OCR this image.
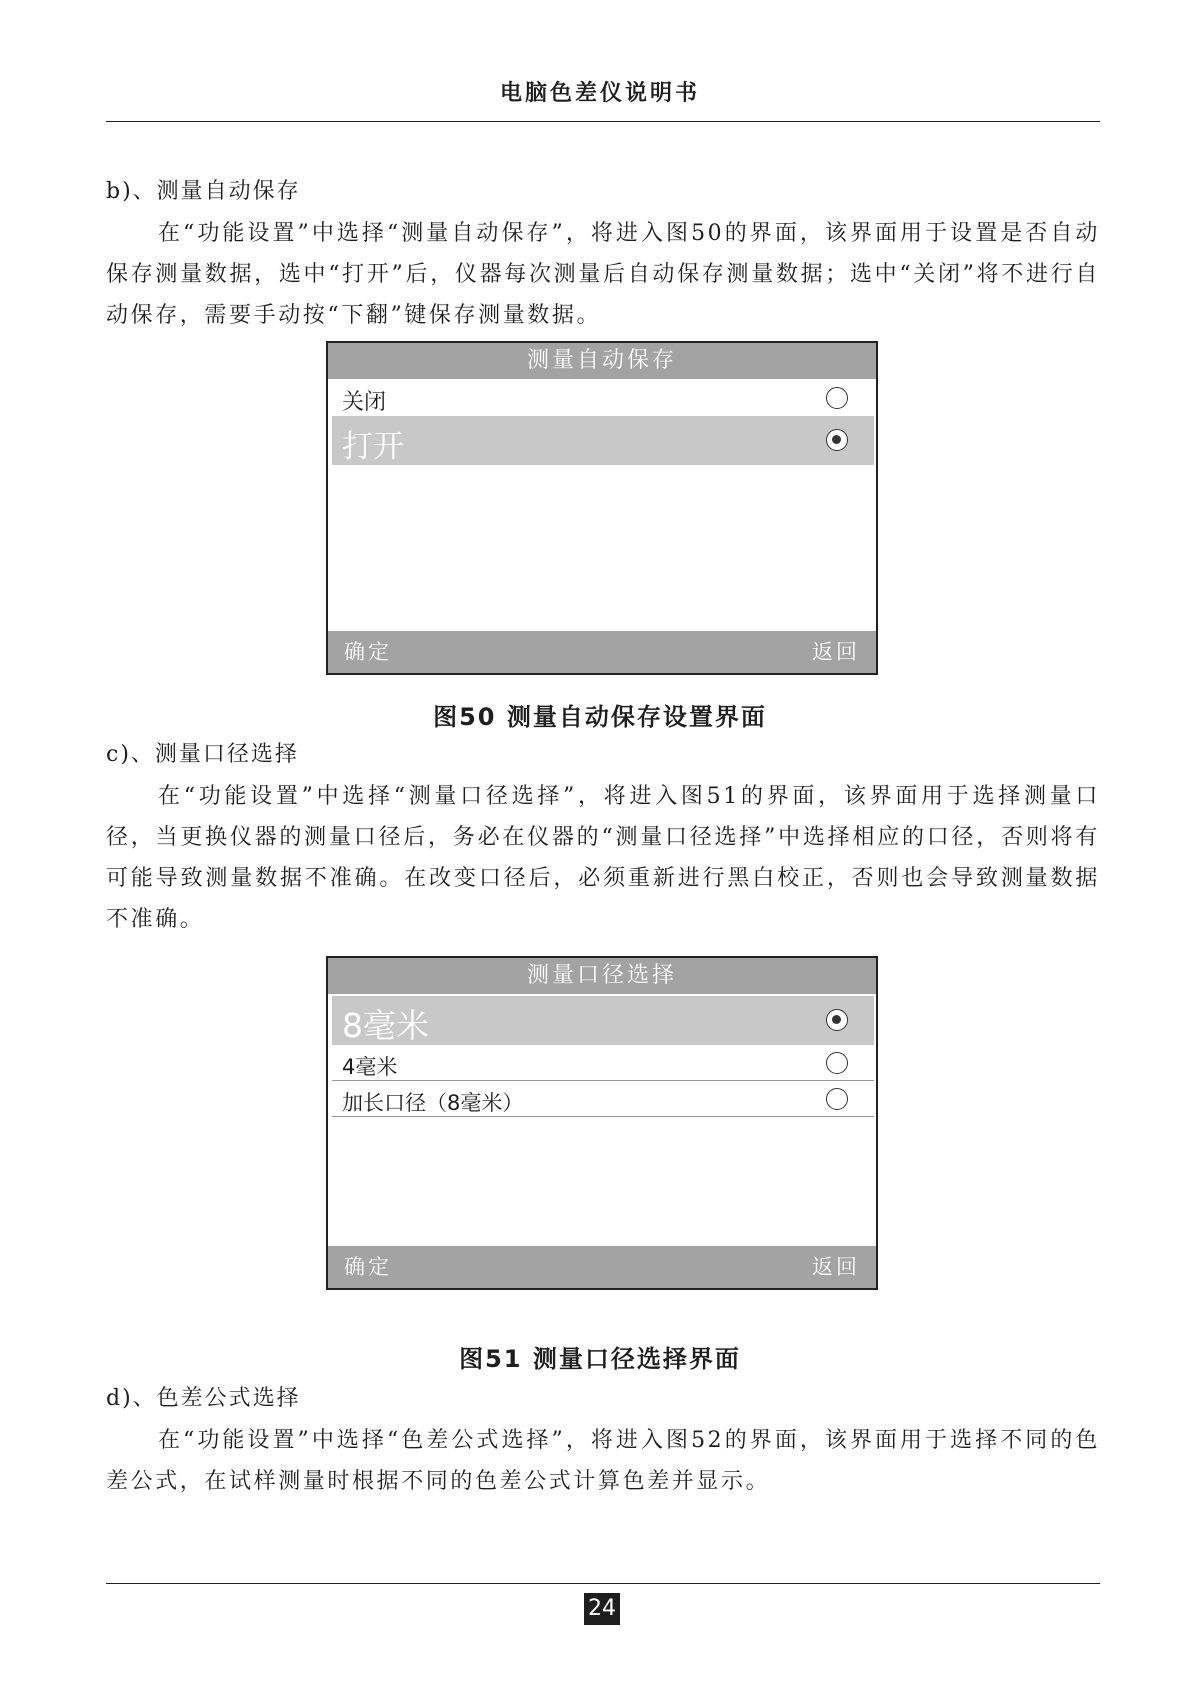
电脑色差仪说明书
b)、测量自动保存

在“功能设置”中选择“测量自动保存”，将进入图50的界面，该界面用于设置是否自动保存测量数据，选中“打开”后，仪器每次测量后自动保存测量数据；选中“关闭”将不进行自动保存，需要手动按“下翻”键保存测量数据。

测量自动保存
关闭
打开
确定	返回
图50 测量自动保存设置界面
c)、测量口径选择

在“功能设置”中选择“测量口径选择”，将进入图51的界面，该界面用于选择测量口径，当更换仪器的测量口径后，务必在仪器的“测量口径选择”中选择相应的口径，否则将有可能导致测量数据不准确。在改变口径后，必须重新进行黑白校正，否则也会导致测量数据不准确。

测量口径选择
8毫米
4毫米
加长口径（8毫米）
确定	返回
图51 测量口径选择界面
d)、色差公式选择

在“功能设置”中选择“色差公式选择”，将进入图52的界面，该界面用于选择不同的色差公式，在试样测量时根据不同的色差公式计算色差并显示。

24
